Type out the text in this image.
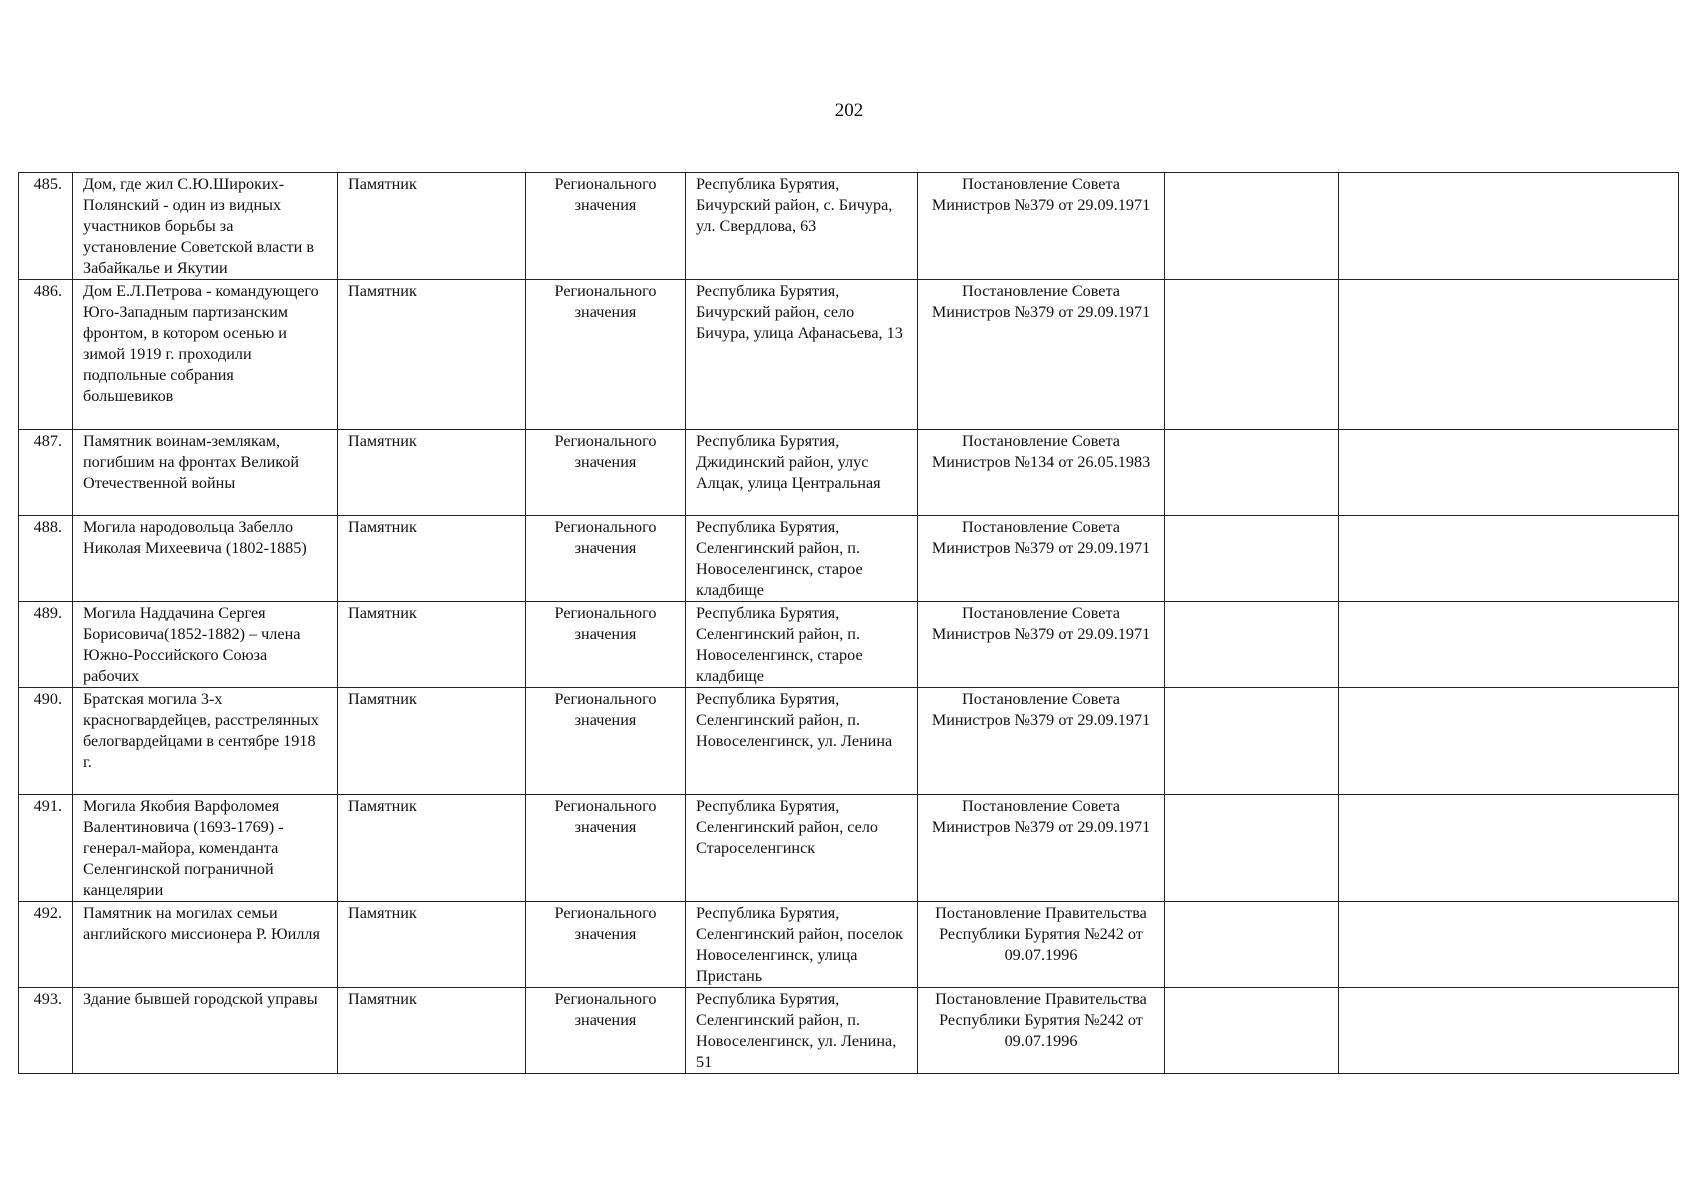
202
485.	Дом, где жил С.Ю.Широких-Полянский - один из видных участников борьбы за установление Советской власти в Забайкалье и Якутии	Памятник	Регионального значения	Республика Бурятия, Бичурский район, с. Бичура, ул. Свердлова, 63	Постановление Совета Министров №379 от 29.09.1971		
486.	Дом Е.Л.Петрова - командующего Юго-Западным партизанским фронтом, в котором осенью и зимой 1919 г. проходили подпольные собрания большевиков	Памятник	Регионального значения	Республика Бурятия, Бичурский район, село Бичура, улица Афанасьева, 13	Постановление Совета Министров №379 от 29.09.1971		
487.	Памятник воинам-землякам, погибшим на фронтах Великой Отечественной войны	Памятник	Регионального значения	Республика Бурятия, Джидинский район, улус Алцак, улица Центральная	Постановление Совета Министров №134 от 26.05.1983		
488.	Могила народовольца Забелло Николая Михеевича (1802-1885)	Памятник	Регионального значения	Республика Бурятия, Селенгинский район, п. Новоселенгинск, старое кладбище	Постановление Совета Министров №379 от 29.09.1971		
489.	Могила Наддачина Сергея Борисовича(1852-1882) – члена Южно-Российского Союза рабочих	Памятник	Регионального значения	Республика Бурятия, Селенгинский район, п. Новоселенгинск, старое кладбище	Постановление Совета Министров №379 от 29.09.1971		
490.	Братская могила 3-х красногвардейцев, расстрелянных белогвардейцами в сентябре 1918 г.	Памятник	Регионального значения	Республика Бурятия, Селенгинский район, п. Новоселенгинск, ул. Ленина	Постановление Совета Министров №379 от 29.09.1971		
491.	Могила Якобия Варфоломея Валентиновича (1693-1769) - генерал-майора, коменданта Селенгинской пограничной канцелярии	Памятник	Регионального значения	Республика Бурятия, Селенгинский район, село Староселенгинск	Постановление Совета Министров №379 от 29.09.1971		
492.	Памятник на могилах семьи английского миссионера Р. Юилля	Памятник	Регионального значения	Республика Бурятия, Селенгинский район, поселок Новоселенгинск, улица Пристань	Постановление Правительства Республики Бурятия №242 от 09.07.1996		
493.	Здание бывшей городской управы	Памятник	Регионального значения	Республика Бурятия, Селенгинский район, п. Новоселенгинск, ул. Ленина, 51	Постановление Правительства Республики Бурятия №242 от 09.07.1996		
